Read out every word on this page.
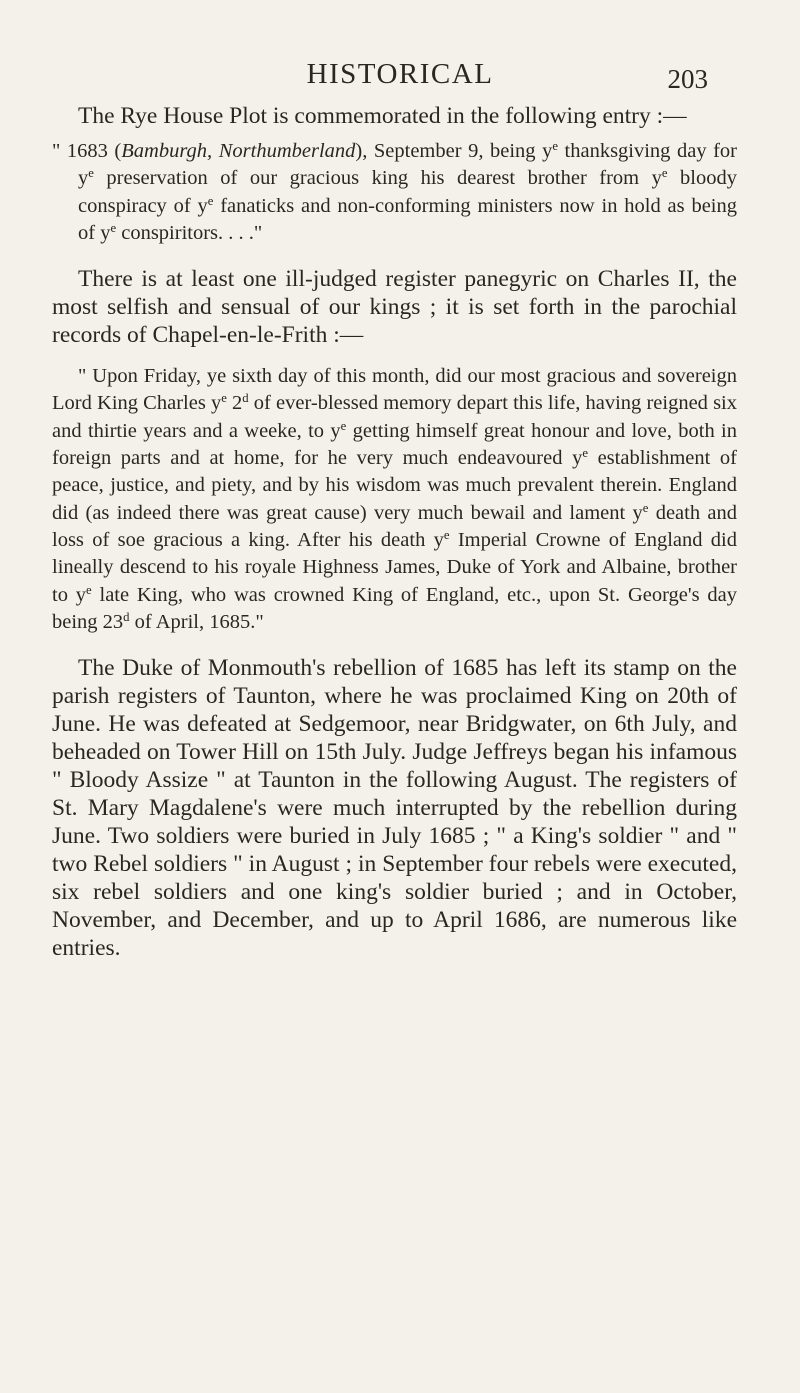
HISTORICAL	203

The Rye House Plot is commemorated in the following entry :—

" 1683 (Bamburgh, Northumberland), September 9, being $y^e$ thanksgiving day for $y^e$ preservation of our gracious king his dearest brother from $y^e$ bloody conspiracy of $y^e$ fanaticks and non-conforming ministers now in hold as being of $y^e$ conspiritors. . . ."

There is at least one ill-judged register panegyric on Charles II, the most selfish and sensual of our kings ; it is set forth in the parochial records of Chapel-en-le-Frith :—

" Upon Friday, ye sixth day of this month, did our most gracious and sovereign Lord King Charles $y^e$ 2$^d$ of ever-blessed memory depart this life, having reigned six and thirtie years and a weeke, to $y^e$ getting himself great honour and love, both in foreign parts and at home, for he very much endeavoured $y^e$ establishment of peace, justice, and piety, and by his wisdom was much prevalent therein. England did (as indeed there was great cause) very much bewail and lament $y^e$ death and loss of soe gracious a king. After his death $y^e$ Imperial Crowne of England did lineally descend to his royale Highness James, Duke of York and Albaine, brother to $y^e$ late King, who was crowned King of England, etc., upon St. George's day being 23$^d$ of April, 1685."

The Duke of Monmouth's rebellion of 1685 has left its stamp on the parish registers of Taunton, where he was proclaimed King on 20th of June. He was defeated at Sedgemoor, near Bridgwater, on 6th July, and beheaded on Tower Hill on 15th July. Judge Jeffreys began his infamous " Bloody Assize " at Taunton in the following August. The registers of St. Mary Magdalene's were much interrupted by the rebellion during June. Two soldiers were buried in July 1685 ; " a King's soldier " and " two Rebel soldiers " in August ; in September four rebels were executed, six rebel soldiers and one king's soldier buried ; and in October, November, and December, and up to April 1686, are numerous like entries.
